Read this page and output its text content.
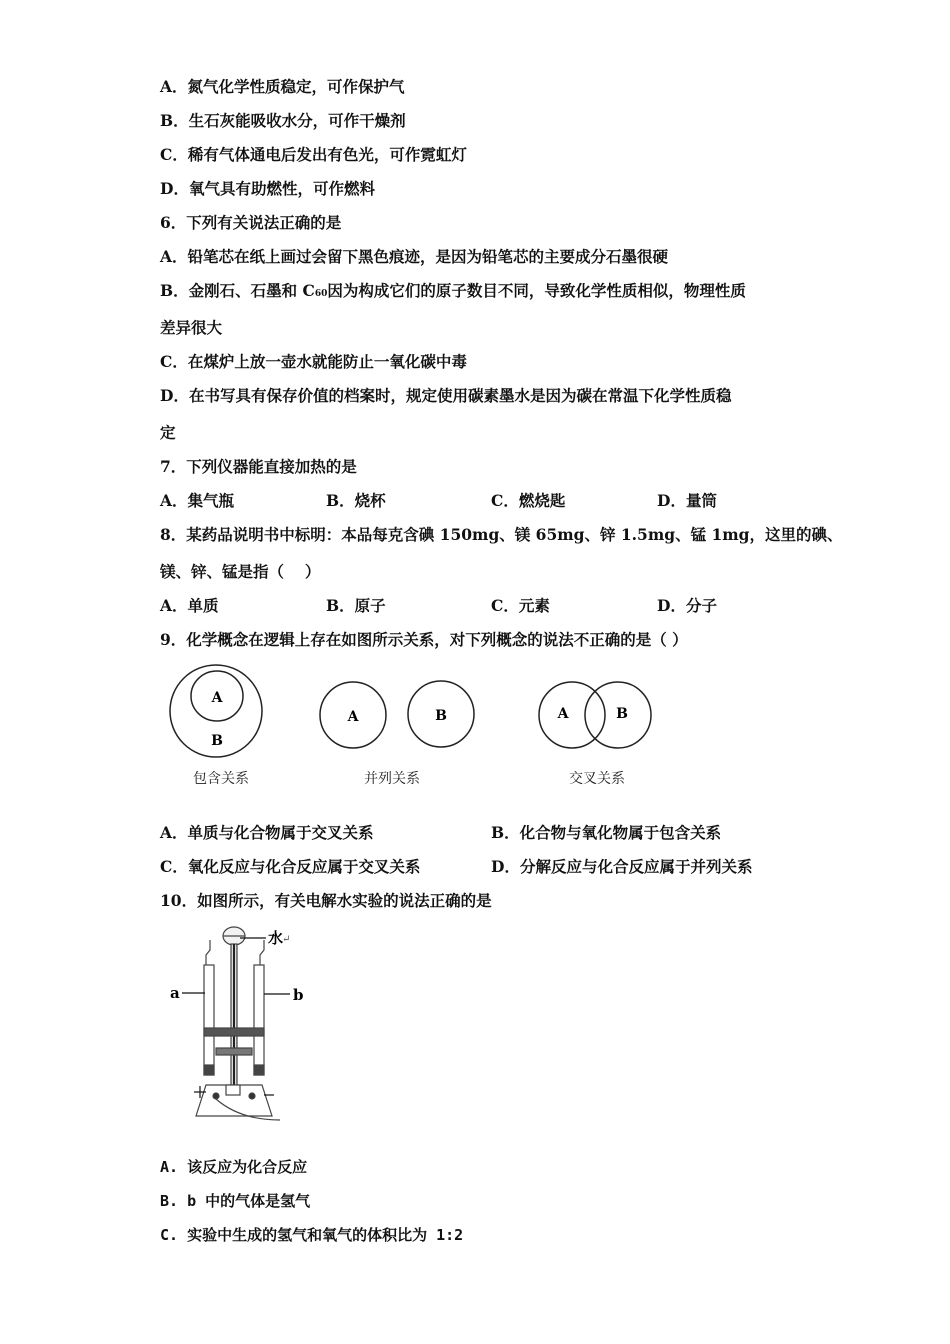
A．氮气化学性质稳定，可作保护气
B．生石灰能吸收水分，可作干燥剂
C．稀有气体通电后发出有色光，可作霓虹灯
D．氧气具有助燃性，可作燃料
6．下列有关说法正确的是
A．铅笔芯在纸上画过会留下黑色痕迹，是因为铅笔芯的主要成分石墨很硬
B．金刚石、石墨和 C60因为构成它们的原子数目不同，导致化学性质相似，物理性质
差异很大
C．在煤炉上放一壶水就能防止一氧化碳中毒
D．在书写具有保存价值的档案时，规定使用碳素墨水是因为碳在常温下化学性质稳
定
7．下列仪器能直接加热的是
A．集气瓶	B．烧杯	C．燃烧匙	D．量筒
8．某药品说明书中标明：本品每克含碘 150mg、镁 65mg、锌 1.5mg、锰 1mg，这里的碘、
镁、锌、锰是指（　 ）
A．单质	B．原子	C．元素	D．分子
9．化学概念在逻辑上存在如图所示关系，对下列概念的说法不正确的是（ ）
A
B
A	B	A	B
包含关系	并列关系	交叉关系
A．单质与化合物属于交叉关系	B．化合物与氧化物属于包含关系
C．氧化反应与化合反应属于交叉关系	D．分解反应与化合反应属于并列关系
10．如图所示，有关电解水实验的说法正确的是
水
↵
a	b
A. 该反应为化合反应
B. b 中的气体是氢气
C. 实验中生成的氢气和氧气的体积比为 1:2
